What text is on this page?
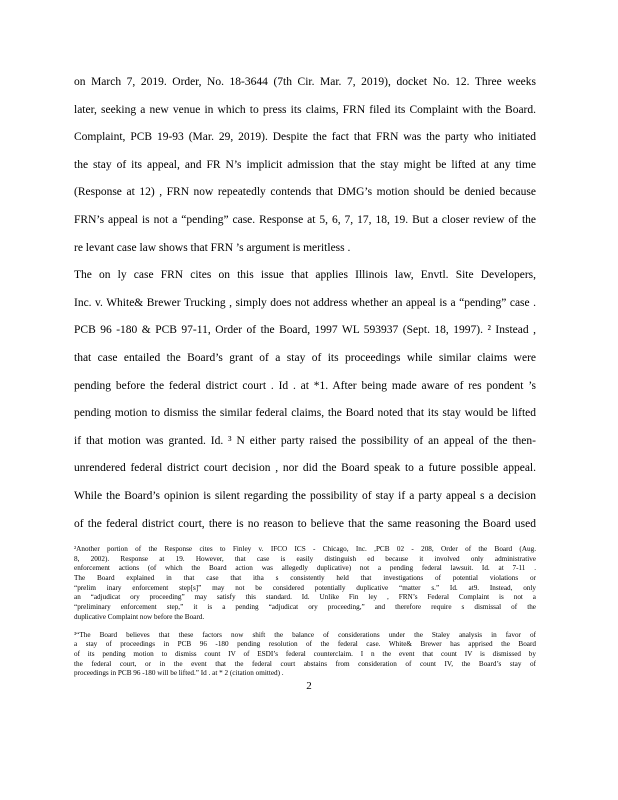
on March 7, 2019. Order, No. 18-3644 (7th Cir. Mar. 7, 2019), docket No. 12. Three weeks
later, seeking a new venue in which to press its claims, FRN filed its Complaint with the Board.
Complaint, PCB 19-93 (Mar. 29, 2019). Despite the fact that FRN was the party who initiated
the stay of its appeal, and FR N’s implicit admission that the stay might be lifted at any time
(Response at 12) , FRN now repeatedly contends that DMG’s motion should be denied because
FRN’s appeal is not a “pending” case. Response at 5, 6, 7, 17, 18, 19. But a closer review of the
re levant case law shows that FRN ’s argument is meritless .
The on ly case FRN cites on this issue that applies Illinois law, Envtl. Site Developers,
Inc. v. White& Brewer Trucking , simply does not address whether an appeal is a “pending” case .
PCB 96 -180 & PCB 97-11, Order of the Board, 1997 WL 593937 (Sept. 18, 1997). ² Instead ,
that case entailed the Board’s grant of a stay of its proceedings while similar claims were
pending before the federal district court . Id . at *1. After being made aware of res pondent ’s
pending motion to dismiss the similar federal claims, the Board noted that its stay would be lifted
if that motion was granted. Id. ³ N either party raised the possibility of an appeal of the then-
unrendered federal district court decision , nor did the Board speak to a future possible appeal.
While the Board’s opinion is silent regarding the possibility of stay if a party appeal s a decision
of the federal district court, there is no reason to believe that the same reasoning the Board used
²Another portion of the Response cites to Finley v. IFCO ICS - Chicago, Inc. ,PCB 02 - 208, Order of the Board (Aug.
8, 2002). Response at 19. However, that case is easily distinguish ed because it involved only administrative
enforcement actions (of which the Board action was allegedly duplicative) not a pending federal lawsuit. Id. at 7-11 .
The Board explained in that case that itha s consistently held that investigations of potential violations or
“prelim inary enforcement step[s]” may not be considered potentially duplicative “matter s.” Id. at9. Instead, only
an “adjudicat ory proceeding” may satisfy this standard. Id. Unlike Fin ley , FRN’s Federal Complaint is not a
“preliminary enforcement step,” it is a pending “adjudicat ory proceeding,” and therefore require s dismissal of the
duplicative Complaint now before the Board.
³“The Board believes that these factors now shift the balance of considerations under the Staley analysis in favor of
a stay of proceedings in PCB 96 -180 pending resolution of the federal case. White& Brewer has apprised the Board
of its pending motion to dismiss count IV of ESDI’s federal counterclaim. I n the event that count IV is dismissed by
the federal court, or in the event that the federal court abstains from consideration of count IV, the Board’s stay of
proceedings in PCB 96 -180 will be lifted.” Id . at * 2 (citation omitted) .
2
